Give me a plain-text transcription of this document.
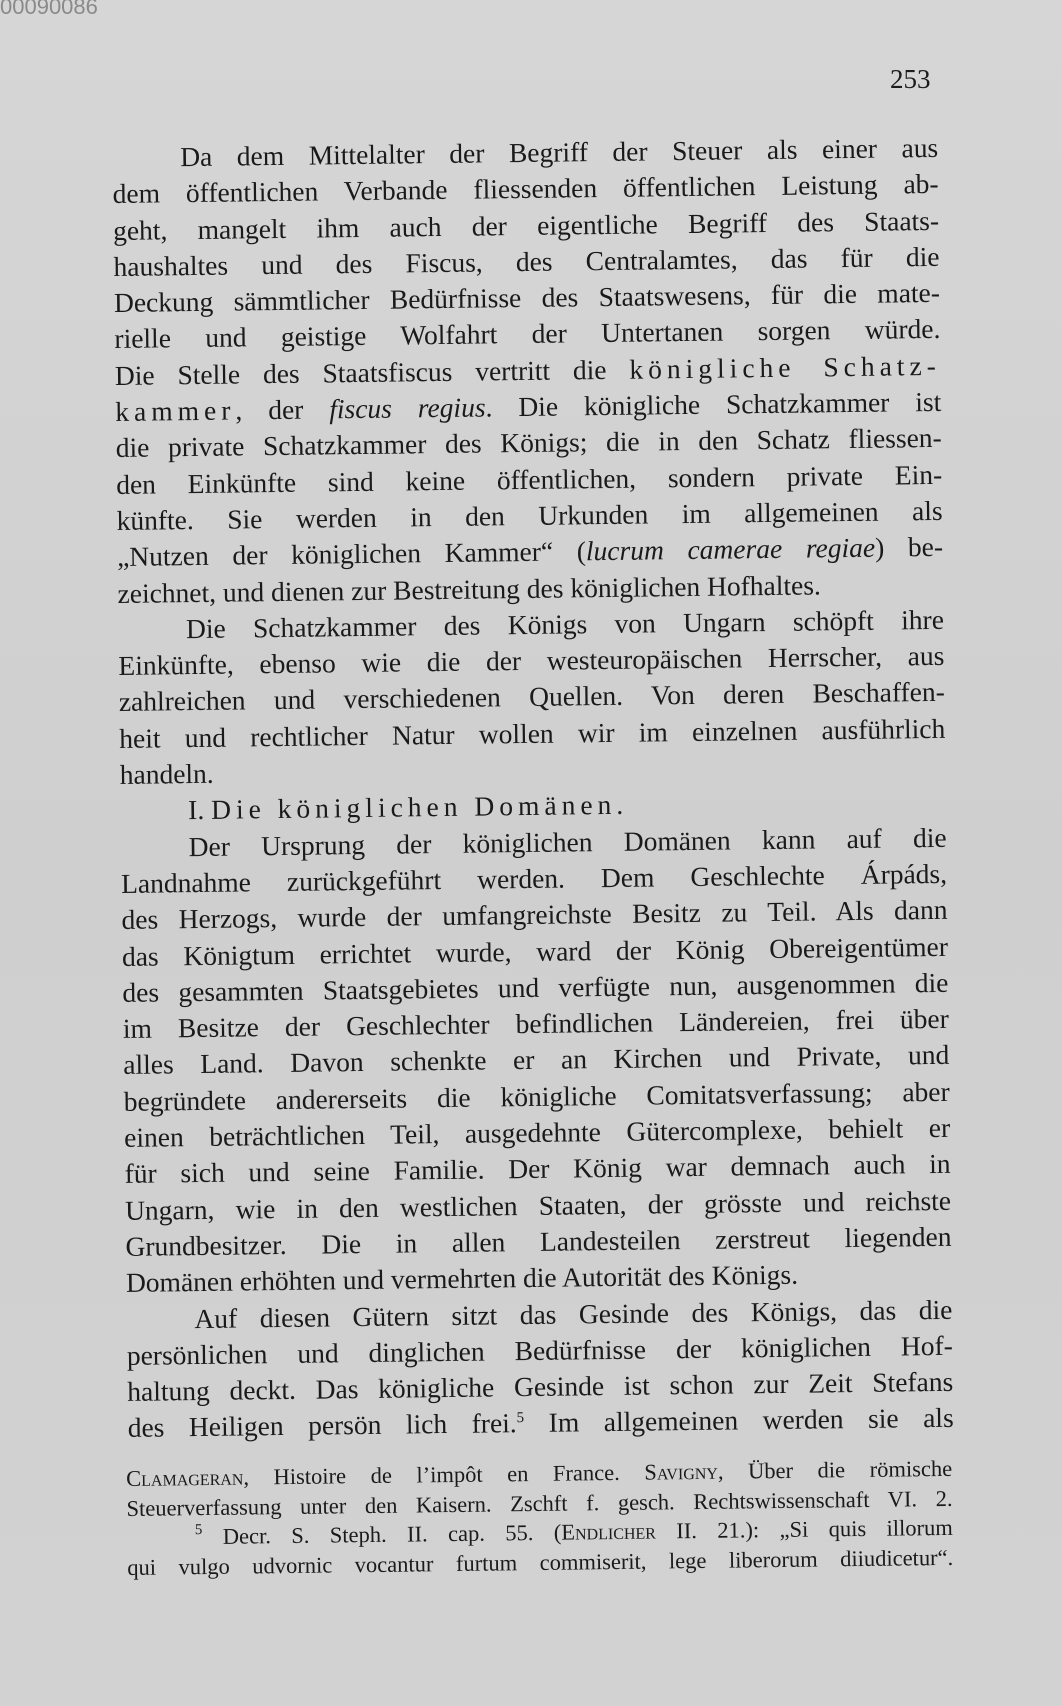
00090086
253
Da dem Mittelalter der Begriff der Steuer als einer aus
dem öffentlichen Verbande fliessenden öffentlichen Leistung ab-
geht, mangelt ihm auch der eigentliche Begriff des Staats-
haushaltes und des Fiscus, des Centralamtes, das für die
Deckung sämmtlicher Bedürfnisse des Staatswesens, für die mate-
rielle und geistige Wolfahrt der Untertanen sorgen würde.
Die Stelle des Staatsfiscus vertritt die königliche Schatz-
kammer, der fiscus regius. Die königliche Schatzkammer ist
die private Schatzkammer des Königs; die in den Schatz fliessen-
den Einkünfte sind keine öffentlichen, sondern private Ein-
künfte. Sie werden in den Urkunden im allgemeinen als
„Nutzen der königlichen Kammer“ (lucrum camerae regiae) be-
zeichnet, und dienen zur Bestreitung des königlichen Hofhaltes.
Die Schatzkammer des Königs von Ungarn schöpft ihre
Einkünfte, ebenso wie die der westeuropäischen Herrscher, aus
zahlreichen und verschiedenen Quellen. Von deren Beschaffen-
heit und rechtlicher Natur wollen wir im einzelnen ausführlich
handeln.
I. Die königlichen Domänen.
Der Ursprung der königlichen Domänen kann auf die
Landnahme zurückgeführt werden. Dem Geschlechte Árpáds,
des Herzogs, wurde der umfangreichste Besitz zu Teil. Als dann
das Königtum errichtet wurde, ward der König Obereigentümer
des gesammten Staatsgebietes und verfügte nun, ausgenommen die
im Besitze der Geschlechter befindlichen Ländereien, frei über
alles Land. Davon schenkte er an Kirchen und Private, und
begründete andererseits die königliche Comitatsverfassung; aber
einen beträchtlichen Teil, ausgedehnte Gütercomplexe, behielt er
für sich und seine Familie. Der König war demnach auch in
Ungarn, wie in den westlichen Staaten, der grösste und reichste
Grundbesitzer. Die in allen Landesteilen zerstreut liegenden
Domänen erhöhten und vermehrten die Autorität des Königs.
Auf diesen Gütern sitzt das Gesinde des Königs, das die
persönlichen und dinglichen Bedürfnisse der königlichen Hof-
haltung deckt. Das königliche Gesinde ist schon zur Zeit Stefans
des Heiligen persön lich frei.$^5$ Im allgemeinen werden sie als
Clamageran, Histoire de l’impôt en France. Savigny, Über die römische
Steuerverfassung unter den Kaisern. Zschft f. gesch. Rechtswissenschaft VI. 2.
$^5$ Decr. S. Steph. II. cap. 55. (Endlicher II. 21.): „Si quis illorum
qui vulgo udvornic vocantur furtum commiserit, lege liberorum diiudicetur“.
